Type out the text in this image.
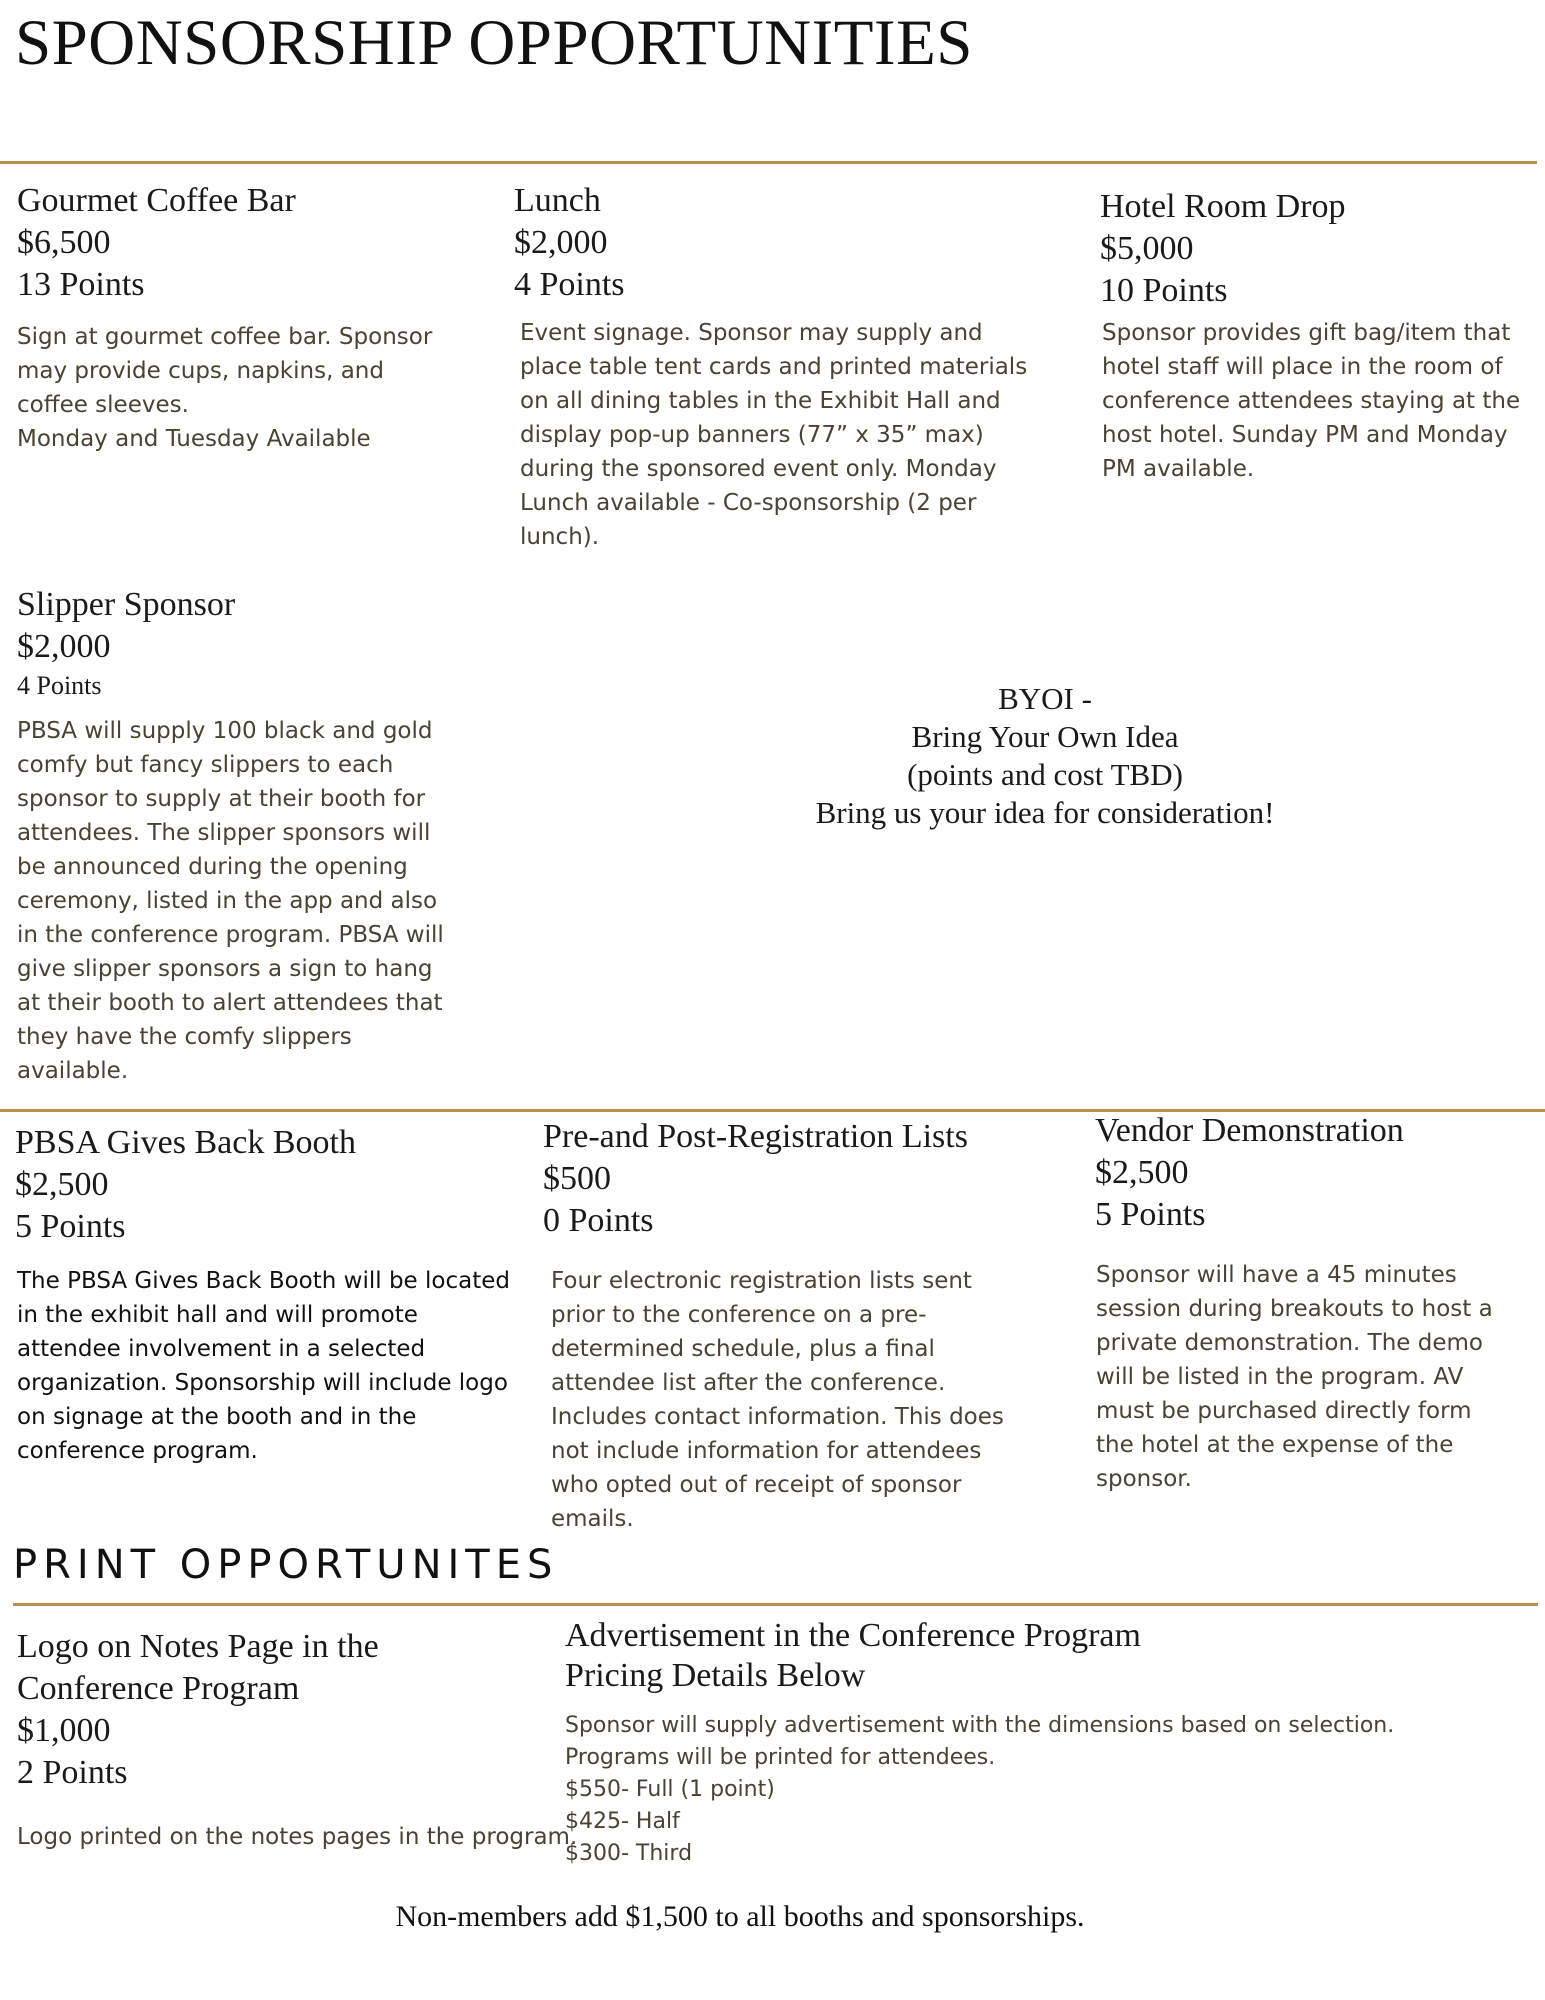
SPONSORSHIP OPPORTUNITIES
Gourmet Coffee Bar
$6,500
13 Points

Sign at gourmet coffee bar. Sponsor may provide cups, napkins, and coffee sleeves.

Monday and Tuesday Available

Lunch
$2,000
4 Points
Event signage. Sponsor may supply and place table tent cards and printed materials on all dining tables in the Exhibit Hall and display pop-up banners (77” x 35” max) during the sponsored event only. Monday Lunch available - Co-sponsorship (2 per lunch).
Hotel Room Drop
$5,000
10 Points
Sponsor provides gift bag/item that hotel staff will place in the room of conference attendees staying at the host hotel. Sunday PM and Monday PM available.
Slipper Sponsor
$2,000
4 Points
PBSA will supply 100 black and gold comfy but fancy slippers to each sponsor to supply at their booth for attendees. The slipper sponsors will be announced during the opening ceremony, listed in the app and also in the conference program. PBSA will give slipper sponsors a sign to hang at their booth to alert attendees that they have the comfy slippers available.
BYOI -
Bring Your Own Idea
(points and cost TBD)
Bring us your idea for consideration!
PBSA Gives Back Booth
$2,500
5 Points
The PBSA Gives Back Booth will be located in the exhibit hall and will promote attendee involvement in a selected organization. Sponsorship will include logo on signage at the booth and in the conference program.
Pre-and Post-Registration Lists
$500
0 Points
Four electronic registration lists sent prior to the conference on a pre-determined schedule, plus a final attendee list after the conference. Includes contact information. This does not include information for attendees who opted out of receipt of sponsor emails.
Vendor Demonstration
$2,500
5 Points
Sponsor will have a 45 minutes session during breakouts to host a private demonstration. The demo will be listed in the program. AV must be purchased directly form the hotel at the expense of the sponsor.
PRINT OPPORTUNITES
Logo on Notes Page in the
Conference Program
$1,000
2 Points
Logo printed on the notes pages in the program.
Advertisement in the Conference Program
Pricing Details Below

Sponsor will supply advertisement with the dimensions based on selection.

Programs will be printed for attendees.

$550- Full (1 point)

$425- Half

$300- Third

Non-members add $1,500 to all booths and sponsorships.
